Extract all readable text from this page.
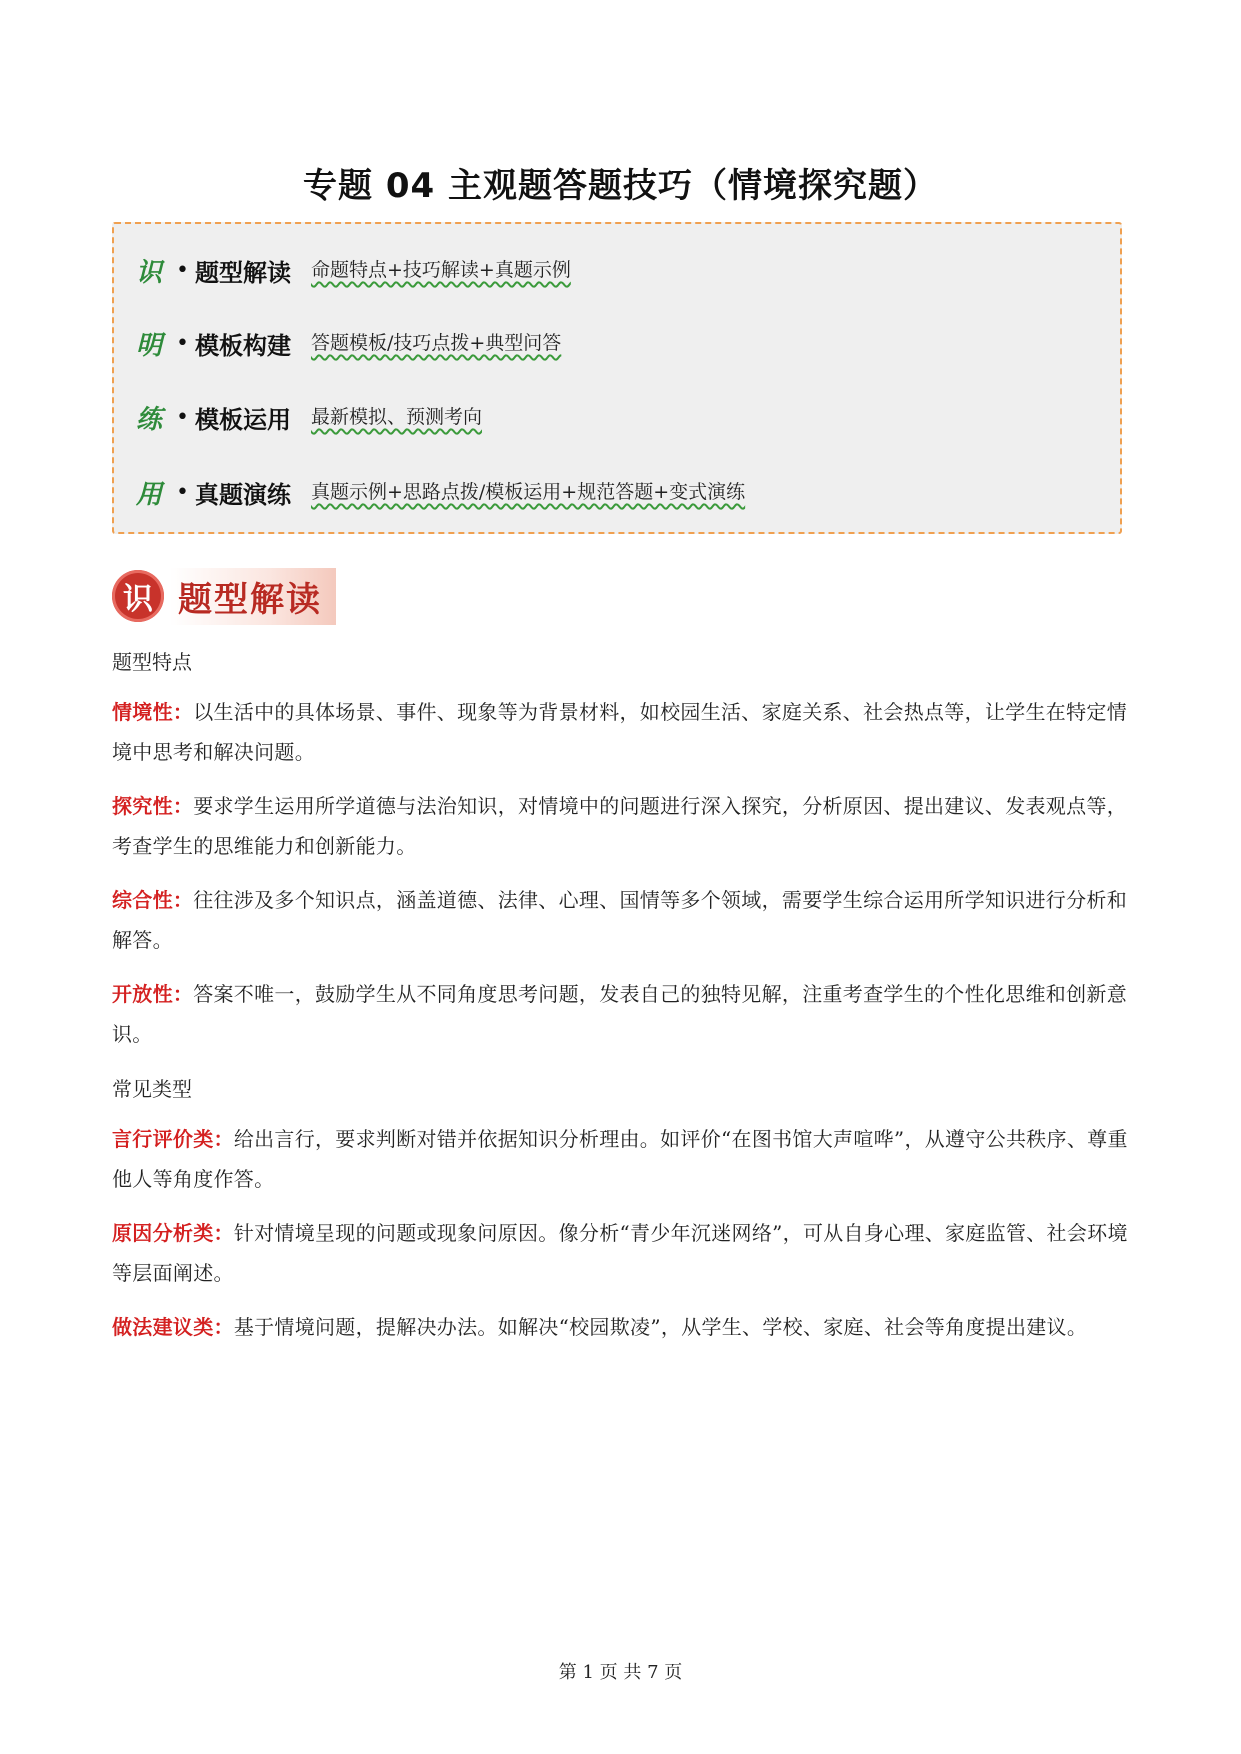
专题 04 主观题答题技巧（情境探究题）
识 • 题型解读 命题特点+技巧解读+真题示例
明 • 模板构建 答题模板/技巧点拨+典型问答
练 • 模板运用 最新模拟、预测考向
用 • 真题演练 真题示例+思路点拨/模板运用+规范答题+变式演练
识 题型解读
题型特点
情境性：以生活中的具体场景、事件、现象等为背景材料，如校园生活、家庭关系、社会热点等，让学生在特定情境中思考和解决问题。
探究性：要求学生运用所学道德与法治知识，对情境中的问题进行深入探究，分析原因、提出建议、发表观点等，考查学生的思维能力和创新能力。
综合性：往往涉及多个知识点，涵盖道德、法律、心理、国情等多个领域，需要学生综合运用所学知识进行分析和解答。
开放性：答案不唯一，鼓励学生从不同角度思考问题，发表自己的独特见解，注重考查学生的个性化思维和创新意识。
常见类型
言行评价类：给出言行，要求判断对错并依据知识分析理由。如评价“在图书馆大声喧哗”，从遵守公共秩序、尊重他人等角度作答。
原因分析类：针对情境呈现的问题或现象问原因。像分析“青少年沉迷网络”，可从自身心理、家庭监管、社会环境等层面阐述。
做法建议类：基于情境问题，提解决办法。如解决“校园欺凌”，从学生、学校、家庭、社会等角度提出建议。
第 1 页 共 7 页
